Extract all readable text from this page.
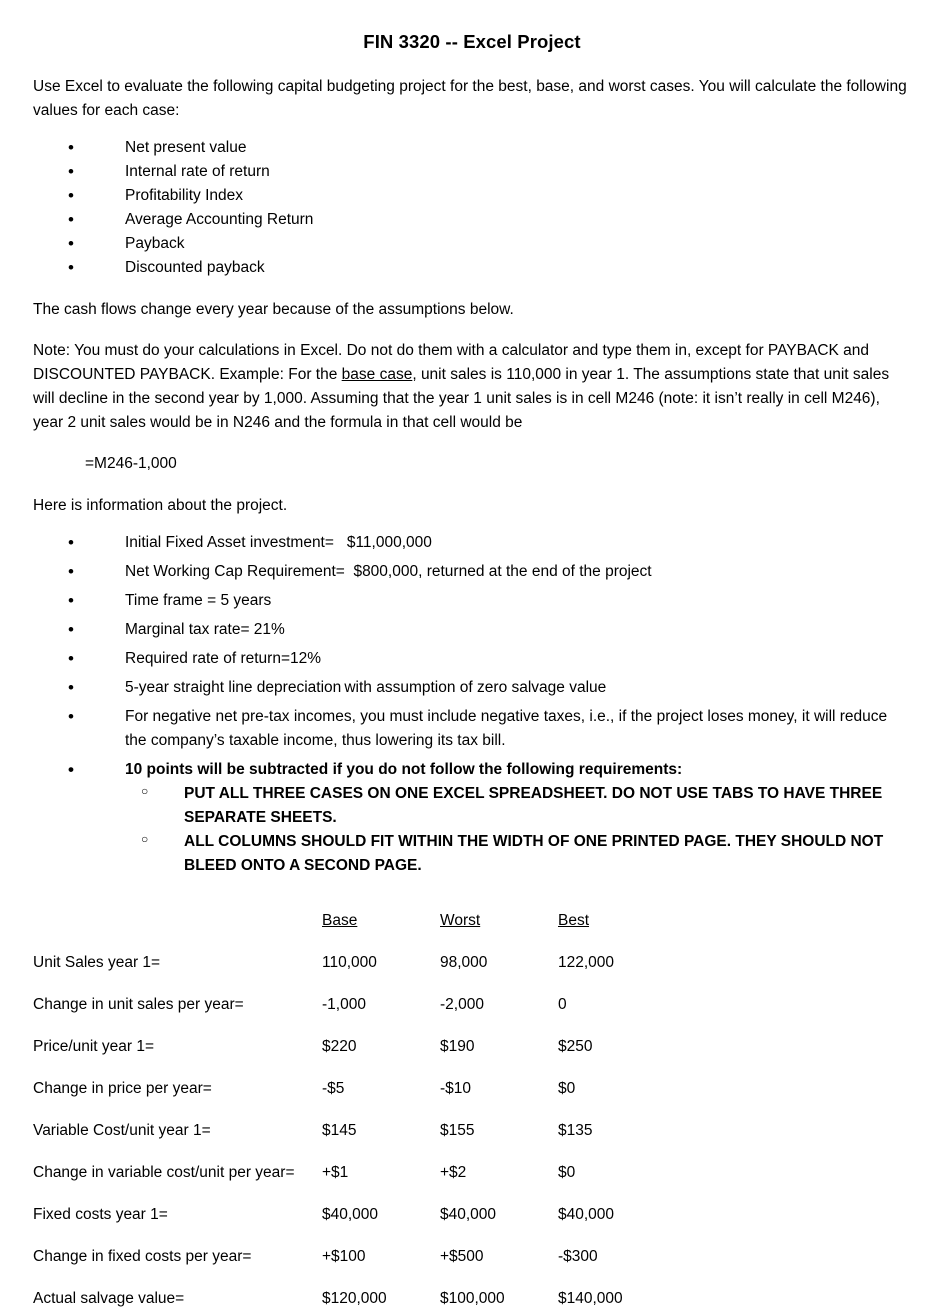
FIN 3320 -- Excel Project

Use Excel to evaluate the following capital budgeting project for the best, base, and worst cases. You will calculate the following values for each case:

• Net present value
• Internal rate of return
• Profitability Index
• Average Accounting Return
• Payback
• Discounted payback

The cash flows change every year because of the assumptions below.

Note: You must do your calculations in Excel. Do not do them with a calculator and type them in, except for PAYBACK and DISCOUNTED PAYBACK. Example: For the base case, unit sales is 110,000 in year 1. The assumptions state that unit sales will decline in the second year by 1,000. Assuming that the year 1 unit sales is in cell M246 (note: it isn’t really in cell M246), year 2 unit sales would be in N246 and the formula in that cell would be

=M246-1,000

Here is information about the project.

• Initial Fixed Asset investment=   $11,000,000
• Net Working Cap Requirement=  $800,000, returned at the end of the project
• Time frame = 5 years
• Marginal tax rate= 21%
• Required rate of return=12%
• 5-year straight line depreciation with assumption of zero salvage value
• For negative net pre-tax incomes, you must include negative taxes, i.e., if the project loses money, it will reduce the company’s taxable income, thus lowering its tax bill.
• 10 points will be subtracted if you do not follow the following requirements:
○ PUT ALL THREE CASES ON ONE EXCEL SPREADSHEET. DO NOT USE TABS TO HAVE THREE SEPARATE SHEETS.
○ ALL COLUMNS SHOULD FIT WITHIN THE WIDTH OF ONE PRINTED PAGE. THEY SHOULD NOT BLEED ONTO A SECOND PAGE.
	Base	Worst	Best
Unit Sales year 1=	110,000	98,000	122,000
Change in unit sales per year=	-1,000	-2,000	0
Price/unit year 1=	$220	$190	$250
Change in price per year=	-$5	-$10	$0
Variable Cost/unit year 1=	$145	$155	$135
Change in variable cost/unit per year=	+$1	+$2	$0
Fixed costs year 1=	$40,000	$40,000	$40,000
Change in fixed costs per year=	+$100	+$500	-$300
Actual salvage value=	$120,000	$100,000	$140,000
